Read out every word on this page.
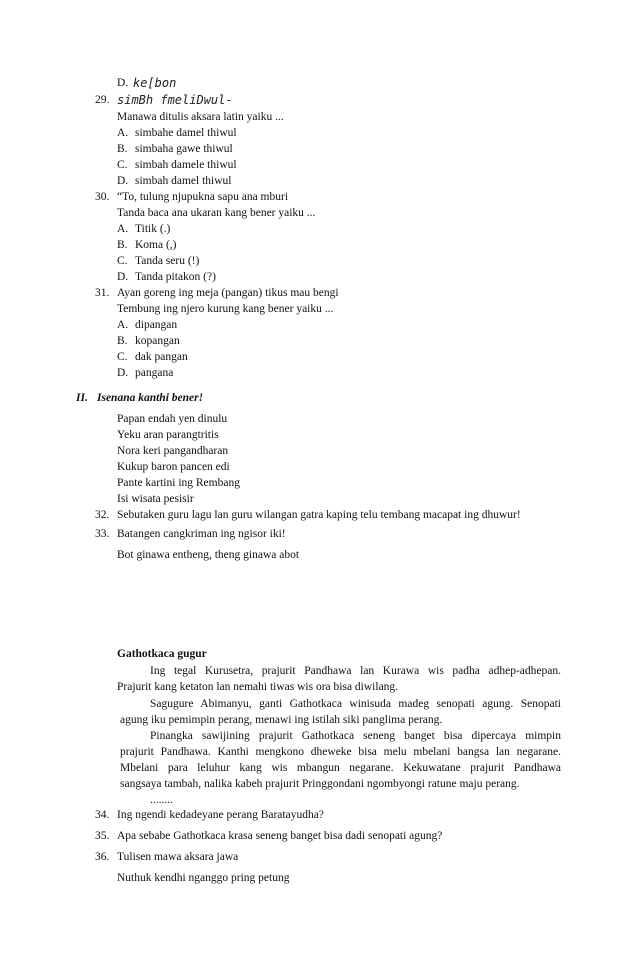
D. ke[bon
29. simBh fmeliDwul-
Manawa ditulis aksara latin yaiku ...
A. simbahe damel thiwul
B. simbaha gawe thiwul
C. simbah damele thiwul
D. simbah damel thiwul
30. “To, tulung njupukna sapu ana mburi
Tanda baca ana ukaran kang bener yaiku ...
A. Titik (.)
B. Koma (,)
C. Tanda seru (!)
D. Tanda pitakon (?)
31. Ayan goreng ing meja (pangan) tikus mau bengi
Tembung ing njero kurung kang bener yaiku ...
A. dipangan
B. kopangan
C. dak pangan
D. pangana
II. Isenana kanthi bener!
Papan endah yen dinulu
Yeku aran parangtritis
Nora keri pangandharan
Kukup baron pancen edi
Pante kartini ing Rembang
Isi wisata pesisir
32. Sebutaken guru lagu lan guru wilangan gatra kaping telu tembang macapat ing dhuwur!
33. Batangen cangkriman ing ngisor iki!
Bot ginawa entheng, theng ginawa abot
Gathotkaca gugur
Ing tegal Kurusetra, prajurit Pandhawa lan Kurawa wis padha adhep-adhepan.
Prajurit kang ketaton lan nemahi tiwas wis ora bisa diwilang.
Sagugure Abimanyu, ganti Gathotkaca winisuda madeg senopati agung. Senopati
agung iku pemimpin perang, menawi ing istilah siki panglima perang.
Pinangka sawijining prajurit Gathotkaca seneng banget bisa dipercaya mimpin
prajurit Pandhawa. Kanthi mengkono dheweke bisa melu mbelani bangsa lan negarane.
Mbelani para leluhur kang wis mbangun negarane. Kekuwatane prajurit Pandhawa
sangsaya tambah, nalika kabeh prajurit Pringgondani ngombyongi ratune maju perang.
........
34. Ing ngendi kedadeyane perang Baratayudha?
35. Apa sebabe Gathotkaca krasa seneng banget bisa dadi senopati agung?
36. Tulisen mawa aksara jawa
Nuthuk kendhi nganggo pring petung
